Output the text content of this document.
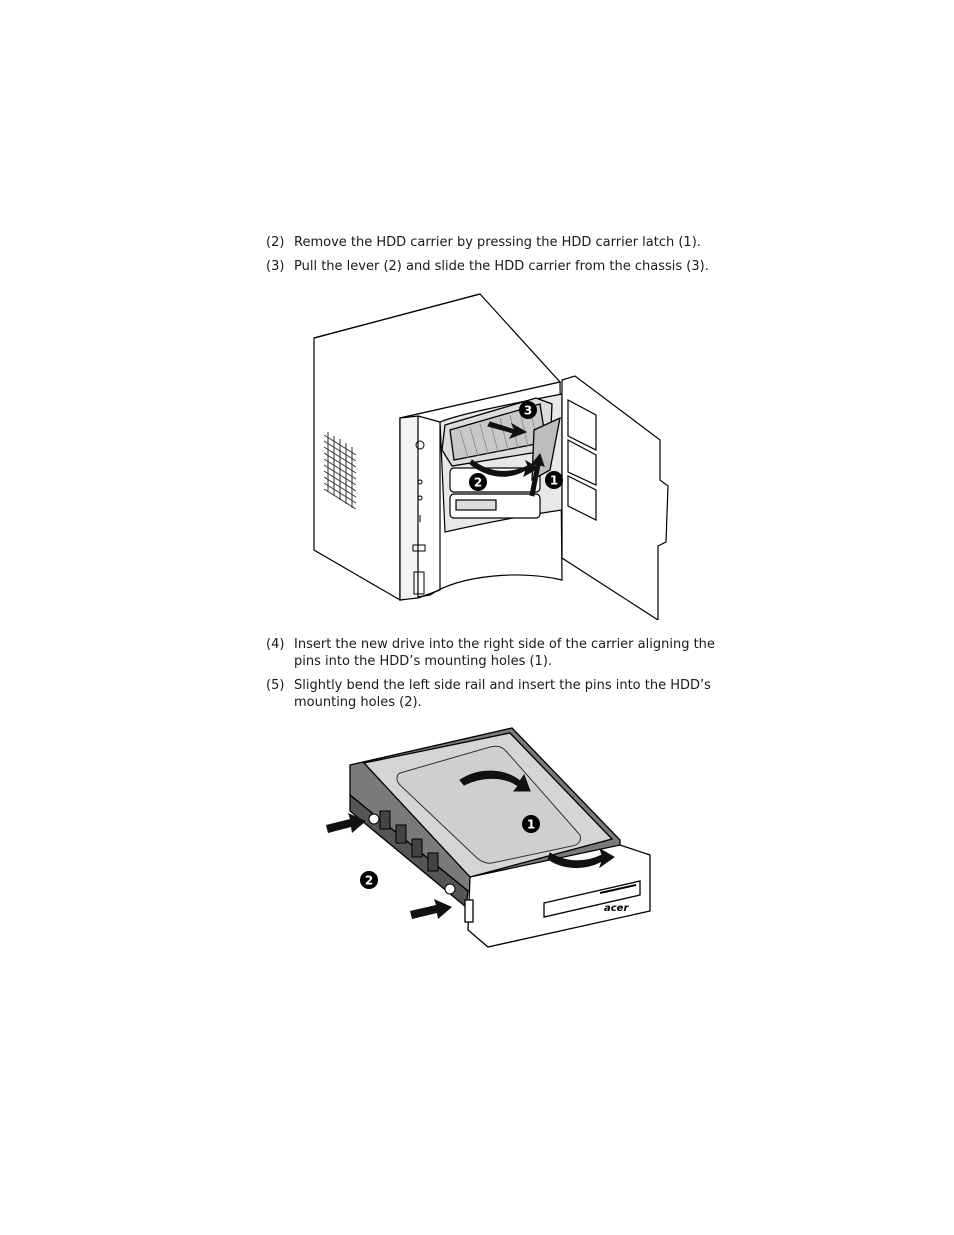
(2) Remove the HDD carrier by pressing the HDD carrier latch (1).
(3) Pull the lever (2) and slide the HDD carrier from the chassis (3).
3
2	1
(4) Insert the new drive into the right side of the carrier aligning the pins into the HDD’s mounting holes (1).
(5) Slightly bend the left side rail and insert the pins into the HDD’s mounting holes (2).
acer
1
2
